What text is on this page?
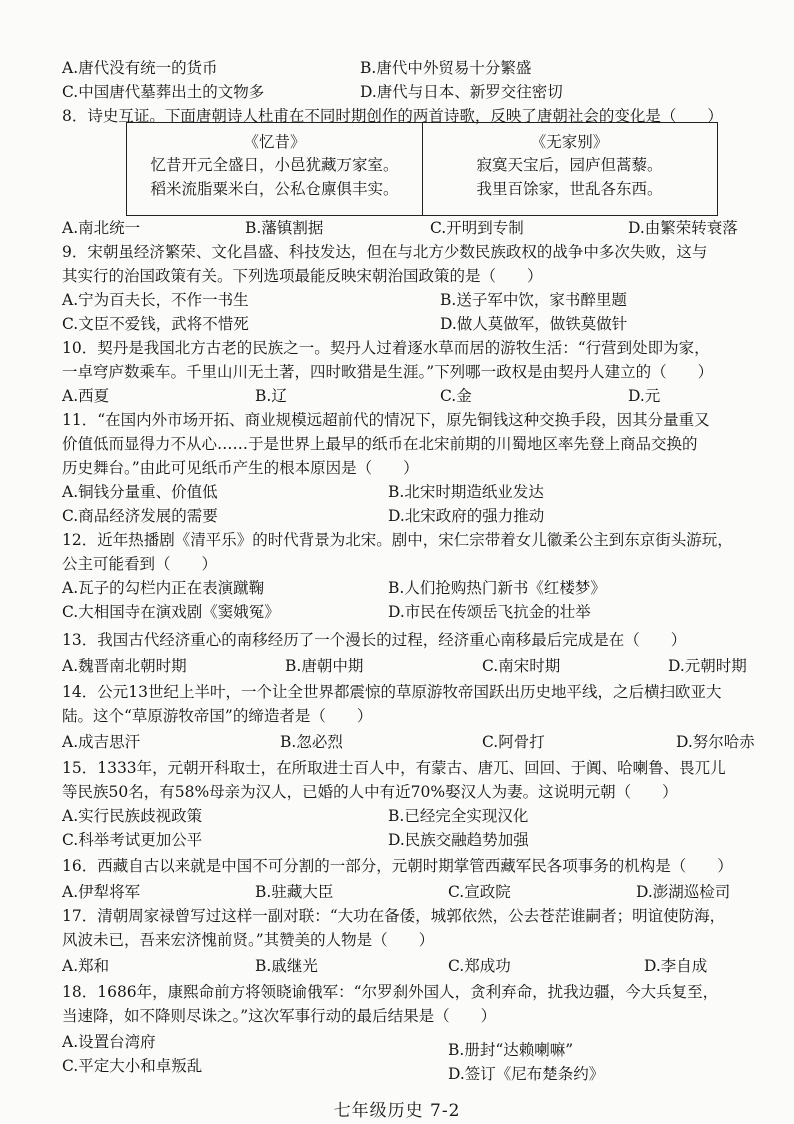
A.唐代没有统一的货币	B.唐代中外贸易十分繁盛
C.中国唐代墓葬出土的文物多	D.唐代与日本、新罗交往密切
8．诗史互证。下面唐朝诗人杜甫在不同时期创作的两首诗歌，反映了唐朝社会的变化是（　　）
《忆昔》
忆昔开元全盛日，小邑犹藏万家室。
稻米流脂粟米白，公私仓廪俱丰实。
《无家别》
寂寞天宝后，园庐但蒿藜。
我里百馀家，世乱各东西。
A.南北统一	B.藩镇割据	C.开明到专制	D.由繁荣转衰落
9．宋朝虽经济繁荣、文化昌盛、科技发达，但在与北方少数民族政权的战争中多次失败，这与
其实行的治国政策有关。下列选项最能反映宋朝治国政策的是（　　）
A.宁为百夫长，不作一书生	B.送子军中饮，家书醉里题
C.文臣不爱钱，武将不惜死	D.做人莫做军，做铁莫做针
10．契丹是我国北方古老的民族之一。契丹人过着逐水草而居的游牧生活：“行营到处即为家，
一卓穹庐数乘车。千里山川无土著，四时畋猎是生涯。”下列哪一政权是由契丹人建立的（　　）
A.西夏	B.辽	C.金	D.元
11．“在国内外市场开拓、商业规模远超前代的情况下，原先铜钱这种交换手段，因其分量重又
价值低而显得力不从心……于是世界上最早的纸币在北宋前期的川蜀地区率先登上商品交换的
历史舞台。”由此可见纸币产生的根本原因是（　　）
A.铜钱分量重、价值低	B.北宋时期造纸业发达
C.商品经济发展的需要	D.北宋政府的强力推动
12．近年热播剧《清平乐》的时代背景为北宋。剧中，宋仁宗带着女儿徽柔公主到东京街头游玩，
公主可能看到（　　）
A.瓦子的勾栏内正在表演蹴鞠	B.人们抢购热门新书《红楼梦》
C.大相国寺在演戏剧《窦娥冤》	D.市民在传颂岳飞抗金的壮举
13．我国古代经济重心的南移经历了一个漫长的过程，经济重心南移最后完成是在（　　）
A.魏晋南北朝时期	B.唐朝中期	C.南宋时期	D.元朝时期
14．公元13世纪上半叶，一个让全世界都震惊的草原游牧帝国跃出历史地平线，之后横扫欧亚大
陆。这个“草原游牧帝国”的缔造者是（　　）
A.成吉思汗	B.忽必烈	C.阿骨打	D.努尔哈赤
15．1333年，元朝开科取士，在所取进士百人中，有蒙古、唐兀、回回、于阗、哈喇鲁、畏兀儿
等民族50名，有58%母亲为汉人，已婚的人中有近70%娶汉人为妻。这说明元朝（　　）
A.实行民族歧视政策	B.已经完全实现汉化
C.科举考试更加公平	D.民族交融趋势加强
16．西藏自古以来就是中国不可分割的一部分，元朝时期掌管西藏军民各项事务的机构是（　　）
A.伊犁将军	B.驻藏大臣	C.宣政院	D.澎湖巡检司
17．清朝周家禄曾写过这样一副对联：“大功在备倭，城郭依然，公去苍茫谁嗣者；明谊使防海，
风波未已，吾来宏济愧前贤。”其赞美的人物是（　　）
A.郑和	B.戚继光	C.郑成功	D.李自成
18．1686年，康熙命前方将领晓谕俄军：“尔罗刹外国人，贪利弃命，扰我边疆，今大兵复至，
当速降，如不降则尽诛之。”这次军事行动的最后结果是（　　）
A.设置台湾府	B.册封“达赖喇嘛”
C.平定大小和卓叛乱	D.签订《尼布楚条约》
七年级历史 7-2
